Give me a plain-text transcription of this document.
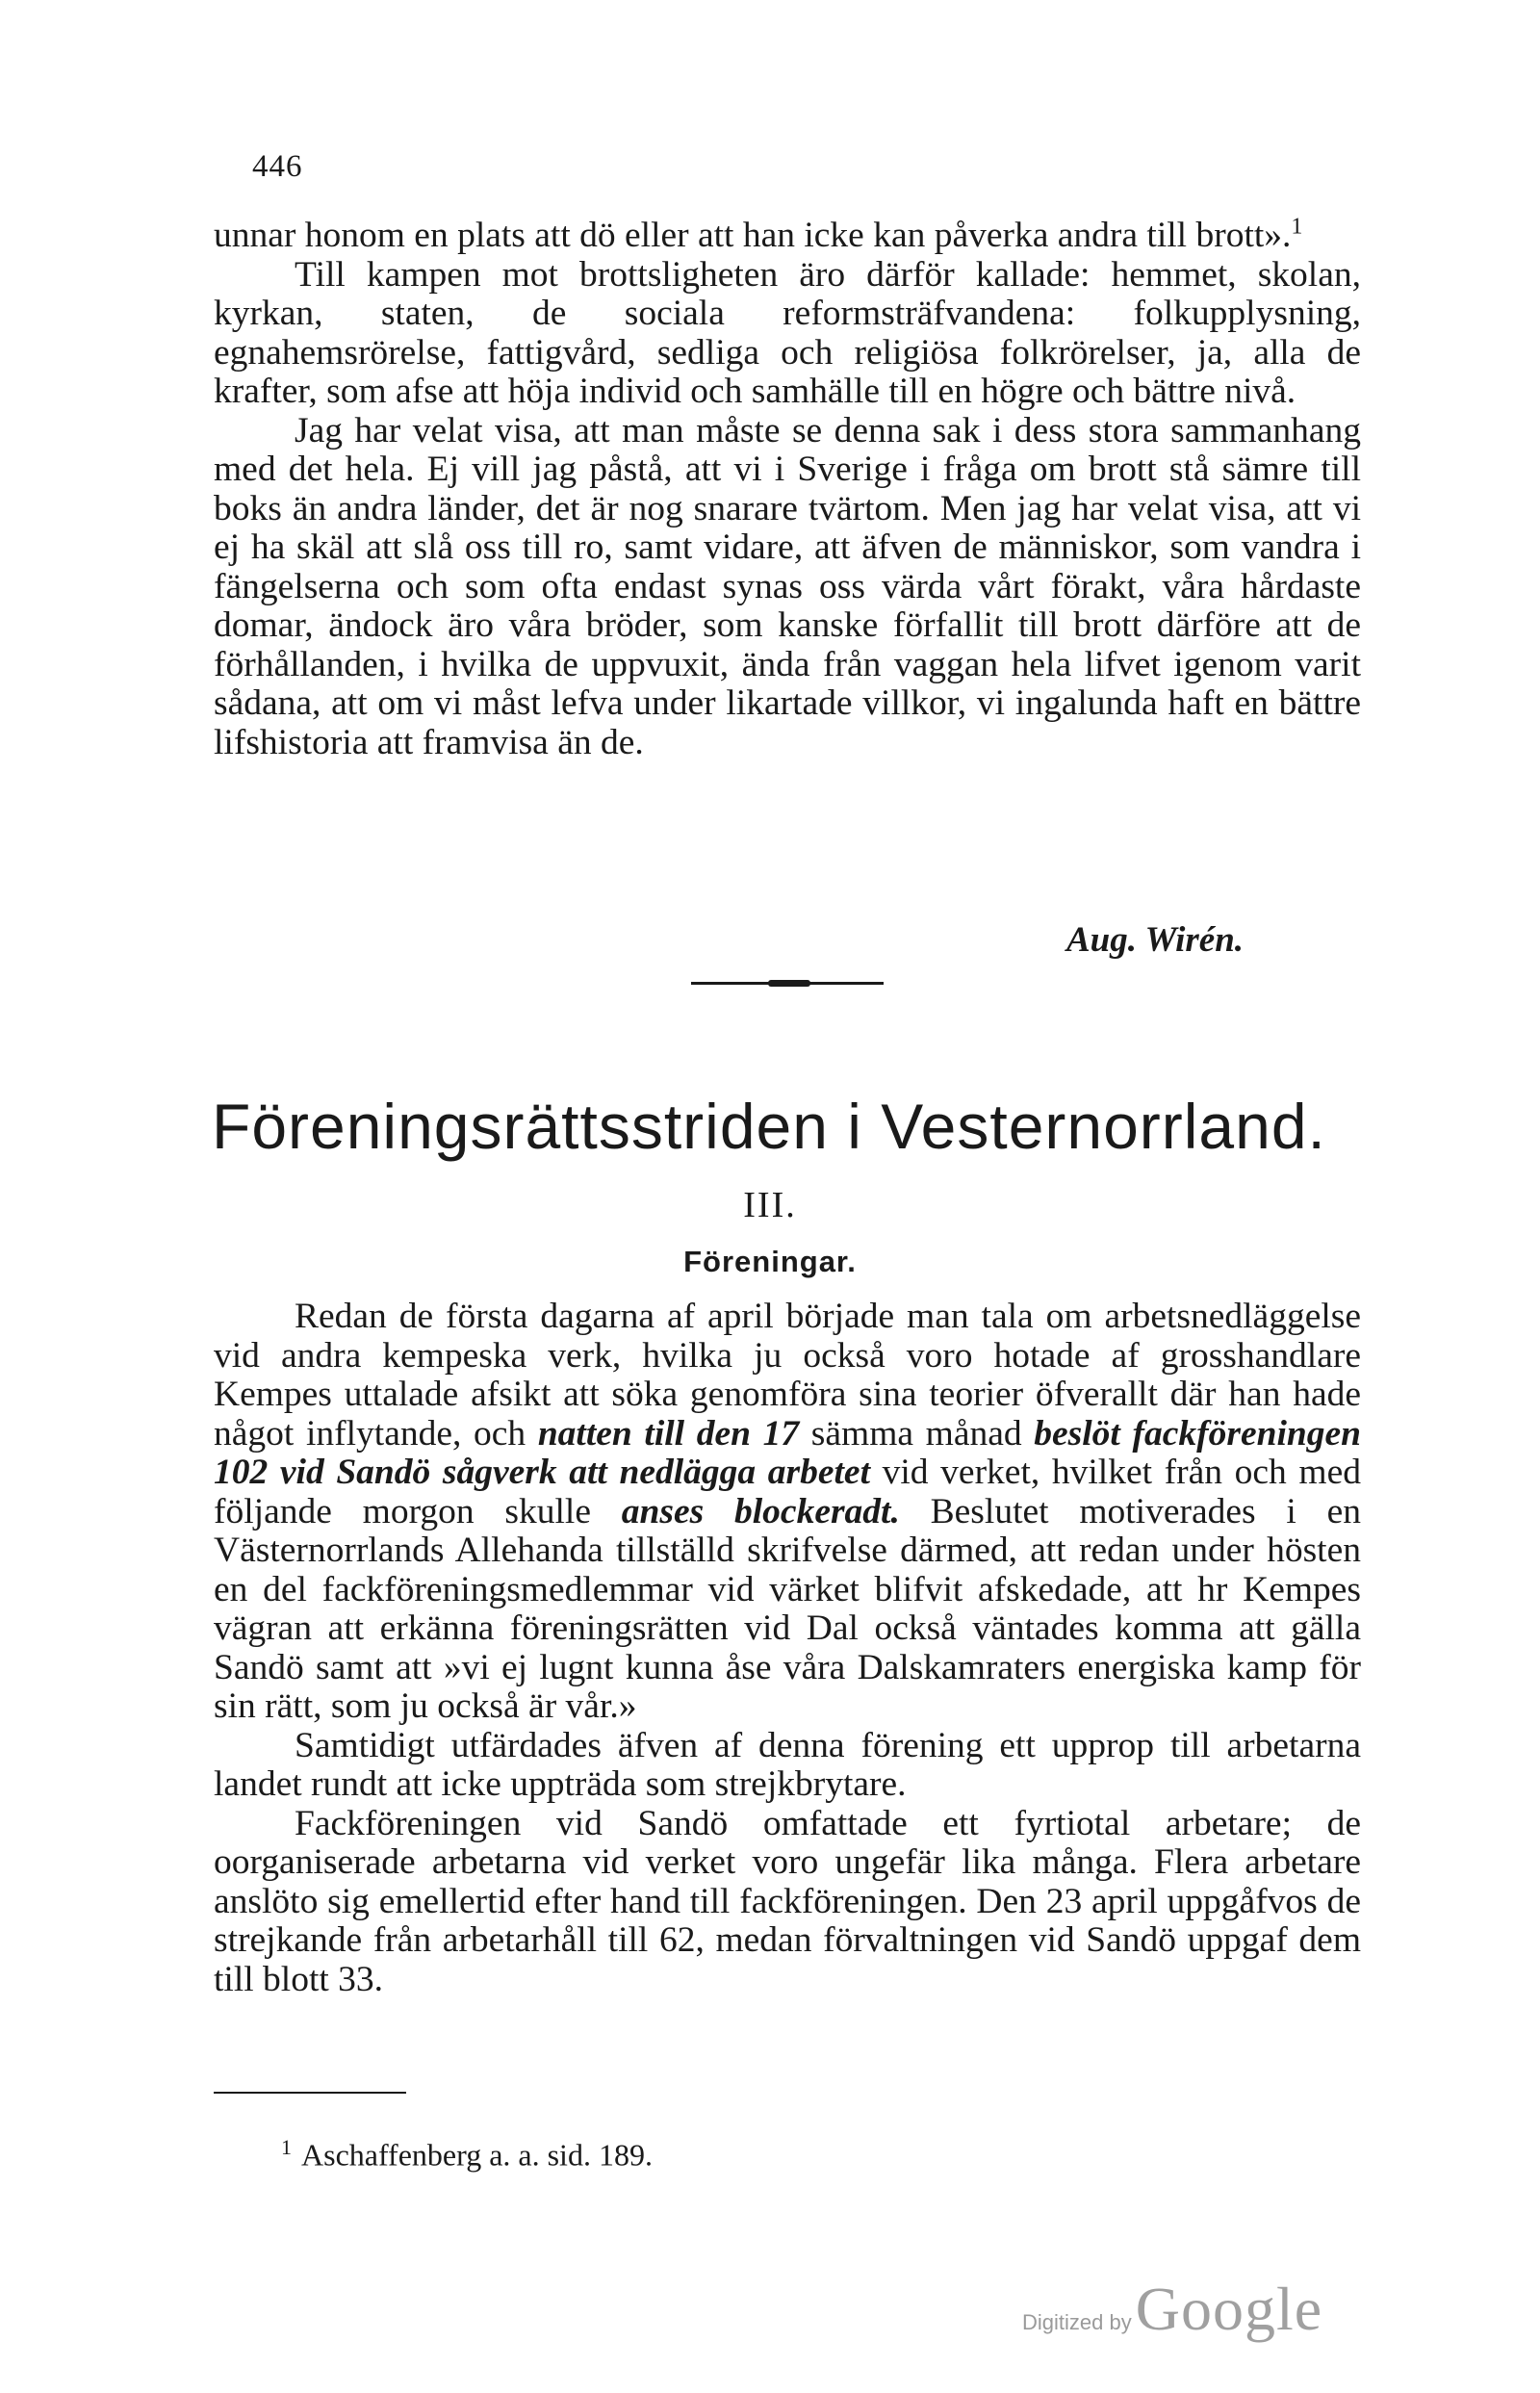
446

unnar honom en plats att dö eller att han icke kan påverka andra till brott».$^1$

Till kampen mot brottsligheten äro därför kallade: hemmet, skolan, kyrkan, staten, de sociala reformsträfvandena: folkupplysning, egnahemsrörelse, fattigvård, sedliga och religiösa folkrörelser, ja, alla de krafter, som afse att höja individ och samhälle till en högre och bättre nivå.

Jag har velat visa, att man måste se denna sak i dess stora sammanhang med det hela. Ej vill jag påstå, att vi i Sverige i fråga om brott stå sämre till boks än andra länder, det är nog snarare tvärtom. Men jag har velat visa, att vi ej ha skäl att slå oss till ro, samt vidare, att äfven de människor, som vandra i fängelserna och som ofta endast synas oss värda vårt förakt, våra hårdaste domar, ändock äro våra bröder, som kanske förfallit till brott därföre att de förhållanden, i hvilka de uppvuxit, ända från vaggan hela lifvet igenom varit sådana, att om vi måst lefva under likartade villkor, vi ingalunda haft en bättre lifshistoria att framvisa än de.

Aug. Wirén.
Föreningsrättsstriden i Vesternorrland.
III.
Föreningar.

Redan de första dagarna af april började man tala om arbetsnedläggelse vid andra kempeska verk, hvilka ju också voro hotade af grosshandlare Kempes uttalade afsikt att söka genomföra sina teorier öfverallt där han hade något inflytande, och natten till den 17 sämma månad beslöt fackföreningen 102 vid Sandö sågverk att nedlägga arbetet vid verket, hvilket från och med följande morgon skulle anses blockeradt. Beslutet motiverades i en Västernorrlands Allehanda tillställd skrifvelse därmed, att redan under hösten en del fackföreningsmedlemmar vid värket blifvit afskedade, att hr Kempes vägran att erkänna föreningsrätten vid Dal också väntades komma att gälla Sandö samt att »vi ej lugnt kunna åse våra Dalskamraters energiska kamp för sin rätt, som ju också är vår.»

Samtidigt utfärdades äfven af denna förening ett upprop till arbetarna landet rundt att icke uppträda som strejkbrytare.

Fackföreningen vid Sandö omfattade ett fyrtiotal arbetare; de oorganiserade arbetarna vid verket voro ungefär lika många. Flera arbetare anslöto sig emellertid efter hand till fackföreningen. Den 23 april uppgåfvos de strejkande från arbetarhåll till 62, medan förvaltningen vid Sandö uppgaf dem till blott 33.

$^1$ Aschaffenberg a. a. sid. 189.
Digitized by Google
